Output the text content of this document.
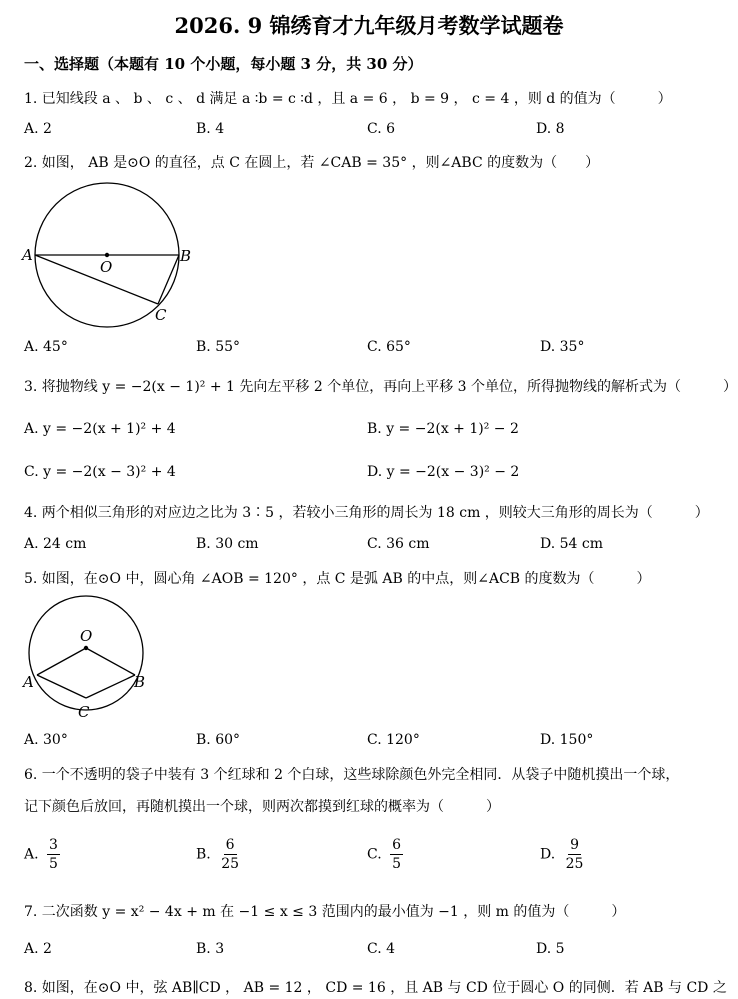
2026. 9 锦绣育才九年级月考数学试题卷
一、选择题（本题有 10 个小题，每小题 3 分，共 30 分）
1. 已知线段 a 、 b 、 c 、 d 满足 a ∶b = c ∶d ，且 a = 6 ， b = 9 ， c = 4 ，则 d 的值为（　　　）
A. 2	B. 4	C. 6	D. 8
2. 如图， AB 是⊙O 的直径，点 C 在圆上，若 ∠CAB = 35° ，则∠ABC 的度数为（　　）
A
O
B
C
A. 45°	B. 55°	C. 65°	D. 35°
3. 将抛物线 y = −2(x − 1)² + 1 先向左平移 2 个单位，再向上平移 3 个单位，所得抛物线的解析式为（　　　）
A. y = −2(x + 1)² + 4	B. y = −2(x + 1)² − 2
C. y = −2(x − 3)² + 4	D. y = −2(x − 3)² − 2
4. 两个相似三角形的对应边之比为 3∶5 ，若较小三角形的周长为 18 cm ，则较大三角形的周长为（　　　）
A. 24 cm	B. 30 cm	C. 36 cm	D. 54 cm
5. 如图，在⊙O 中，圆心角 ∠AOB = 120° ，点 C 是弧 AB 的中点，则∠ACB 的度数为（　　　）
O
A	B
C
A. 30°	B. 60°	C. 120°	D. 150°
6. 一个不透明的袋子中装有 3 个红球和 2 个白球，这些球除颜色外完全相同．从袋子中随机摸出一个球，
记下颜色后放回，再随机摸出一个球，则两次都摸到红球的概率为（　　　）
A. $\frac{3}{5}$	B. $\frac{6}{25}$	C. $\frac{6}{5}$	D. $\frac{9}{25}$
7. 二次函数 y = x² − 4x + m 在 −1 ≤ x ≤ 3 范围内的最小值为 −1 ，则 m 的值为（　　　）
A. 2	B. 3	C. 4	D. 5
8. 如图，在⊙O 中，弦 AB∥CD ， AB = 12 ， CD = 16 ，且 AB 与 CD 位于圆心 O 的同侧．若 AB 与 CD 之
